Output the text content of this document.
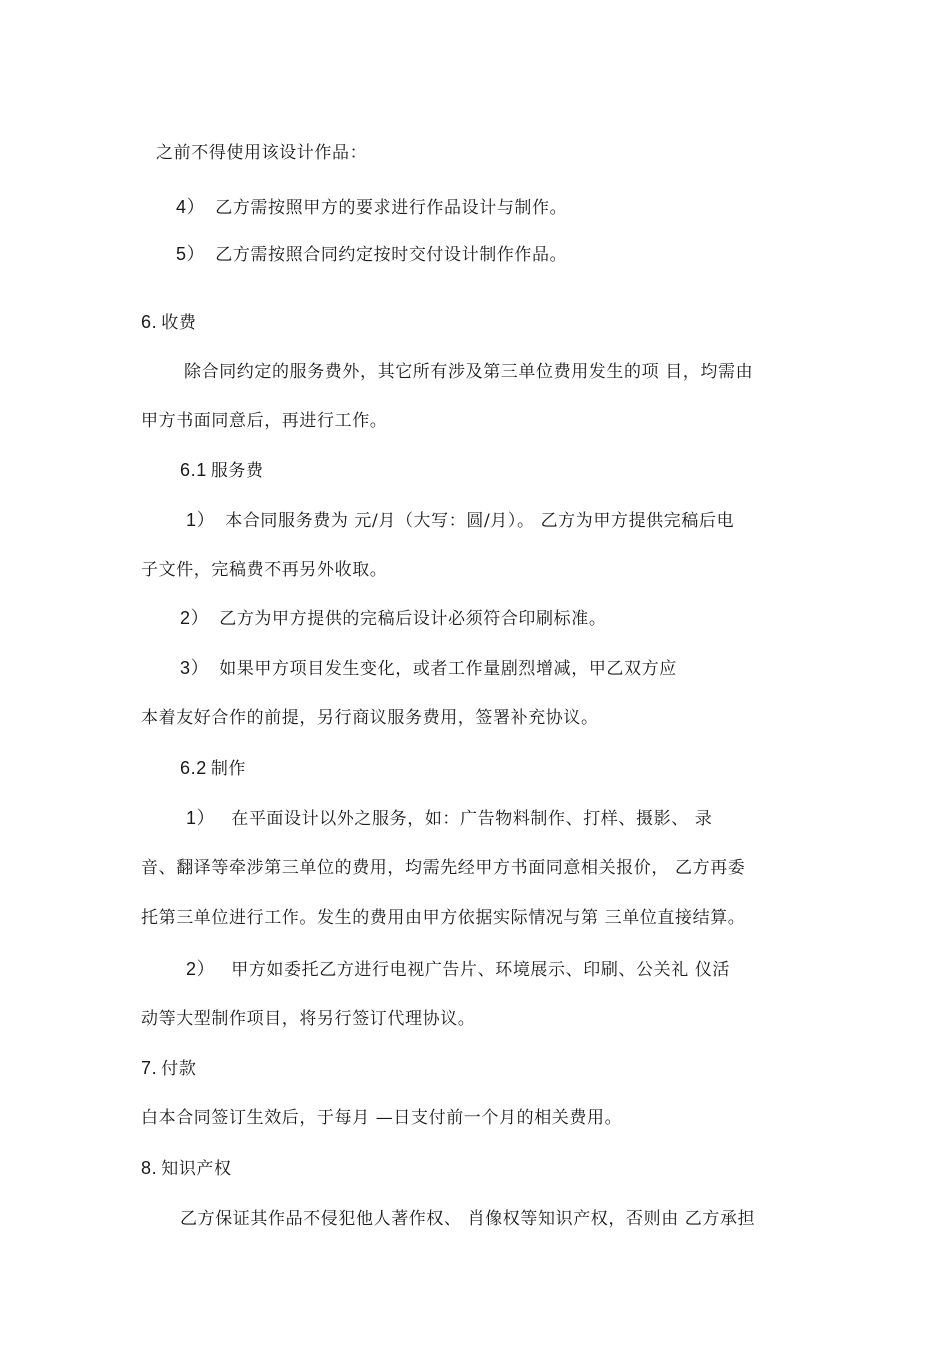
之前不得使用该设计作品：
4） 乙方需按照甲方的要求进行作品设计与制作。
5） 乙方需按照合同约定按时交付设计制作作品。
6. 收费
除合同约定的服务费外，其它所有涉及第三单位费用发生的项 目，均需由
甲方书面同意后，再进行工作。
6.1 服务费
1） 本合同服务费为 元/月（大写：圆/月）。 乙方为甲方提供完稿后电
子文件，完稿费不再另外收取。
2） 乙方为甲方提供的完稿后设计必须符合印刷标准。
3） 如果甲方项目发生变化，或者工作量剧烈增减，甲乙双方应
本着友好合作的前提，另行商议服务费用，签署补充协议。
6.2 制作
1） 在平面设计以外之服务，如：广告物料制作、打样、摄影、 录
音、翻译等牵涉第三单位的费用，均需先经甲方书面同意相关报价， 乙方再委
托第三单位进行工作。发生的费用由甲方依据实际情况与第 三单位直接结算。
2） 甲方如委托乙方进行电视广告片、环境展示、印刷、公关礼 仪活
动等大型制作项目，将另行签订代理协议。
7. 付款
白本合同签订生效后，于每月 —日支付前一个月的相关费用。
8. 知识产权
乙方保证其作品不侵犯他人著作权、 肖像权等知识产权，否则由 乙方承担
